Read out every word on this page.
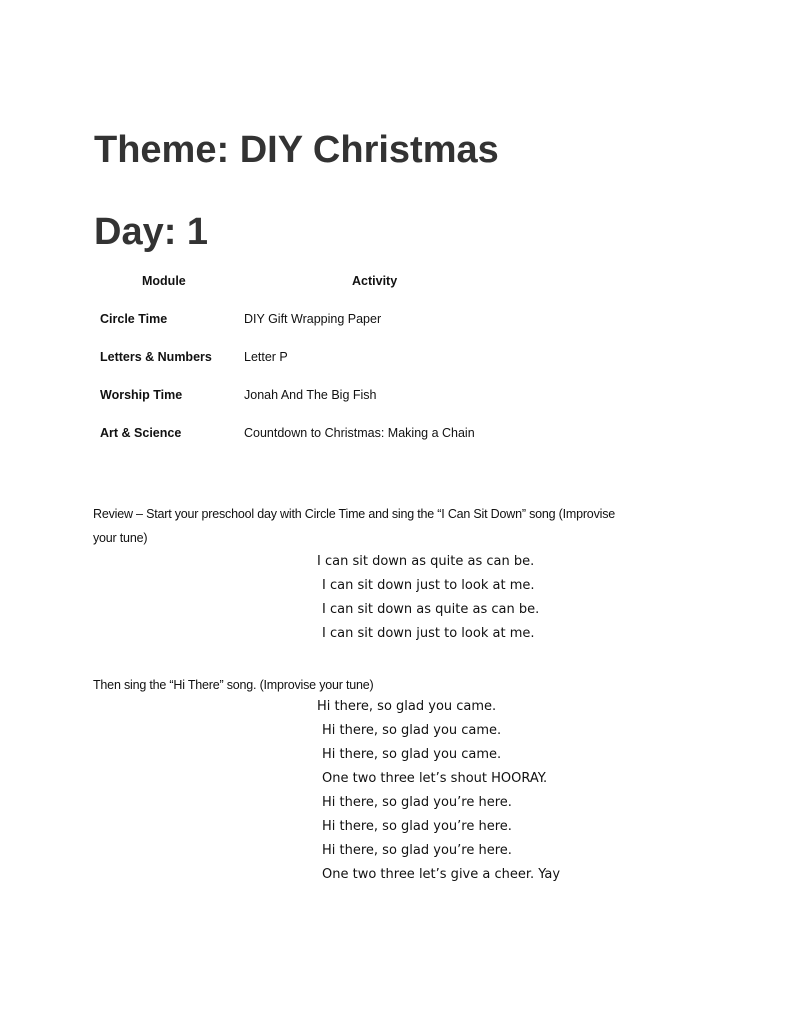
Theme: DIY Christmas
Day: 1
Module	Activity
Circle Time	DIY Gift Wrapping Paper
Letters & Numbers	Letter P
Worship Time	Jonah And The Big Fish
Art & Science	Countdown to Christmas: Making a Chain
Review – Start your preschool day with Circle Time and sing the “I Can Sit Down” song (Improvise
your tune)
I can sit down as quite as can be.
I can sit down just to look at me.
I can sit down as quite as can be.
I can sit down just to look at me.
Then sing the “Hi There” song. (Improvise your tune)
Hi there, so glad you came.
Hi there, so glad you came.
Hi there, so glad you came.
One two three let’s shout HOORAY.
Hi there, so glad you’re here.
Hi there, so glad you’re here.
Hi there, so glad you’re here.
One two three let’s give a cheer. Yay
